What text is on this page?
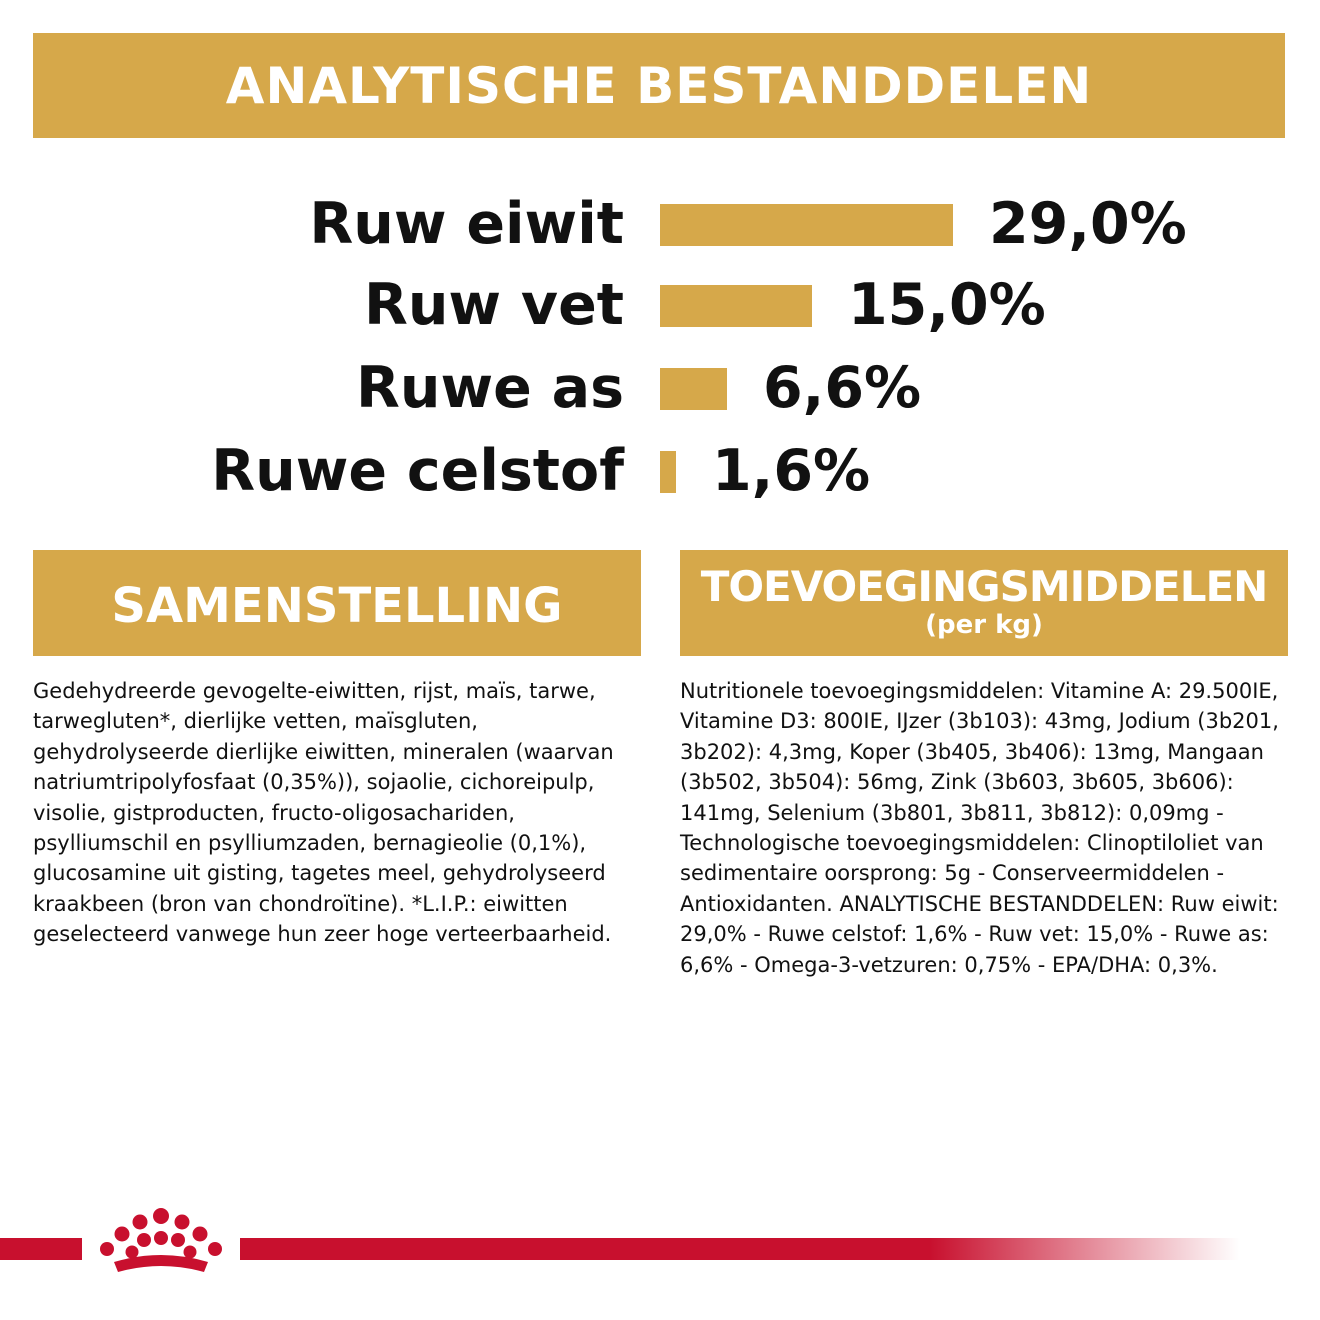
ANALYTISCHE BESTANDDELEN
Ruw eiwit	29,0%
Ruw vet	15,0%
Ruwe as 6,6%
Ruwe celstof 1,6%
SAMENSTELLING	TOEVOEGINGSMIDDELEN
(per kg)

Gedehydreerde gevogelte-eiwitten, rijst, maïs, tarwe, tarwegluten*, dierlijke vetten, maïsgluten, gehydrolyseerde dierlijke eiwitten, mineralen (waarvan natriumtripolyfosfaat (0,35%)), sojaolie, cichoreipulp, visolie, gistproducten, fructo-oligosachariden, psylliumschil en psylliumzaden, bernagieolie (0,1%), glucosamine uit gisting, tagetes meel, gehydrolyseerd kraakbeen (bron van chondroïtine). *L.I.P.: eiwitten geselecteerd vanwege hun zeer hoge verteerbaarheid.

Nutritionele toevoegingsmiddelen: Vitamine A: 29.500IE, Vitamine D3: 800IE, IJzer (3b103): 43mg, Jodium (3b201, 3b202): 4,3mg, Koper (3b405, 3b406): 13mg, Mangaan (3b502, 3b504): 56mg, Zink (3b603, 3b605, 3b606): 141mg, Selenium (3b801, 3b811, 3b812): 0,09mg - Technologische toevoegingsmiddelen: Clinoptiloliet van sedimentaire oorsprong: 5g - Conserveermiddelen - Antioxidanten. ANALYTISCHE BESTANDDELEN: Ruw eiwit: 29,0% - Ruwe celstof: 1,6% - Ruw vet: 15,0% - Ruwe as: 6,6% - Omega-3-vetzuren: 0,75% - EPA/DHA: 0,3%.
